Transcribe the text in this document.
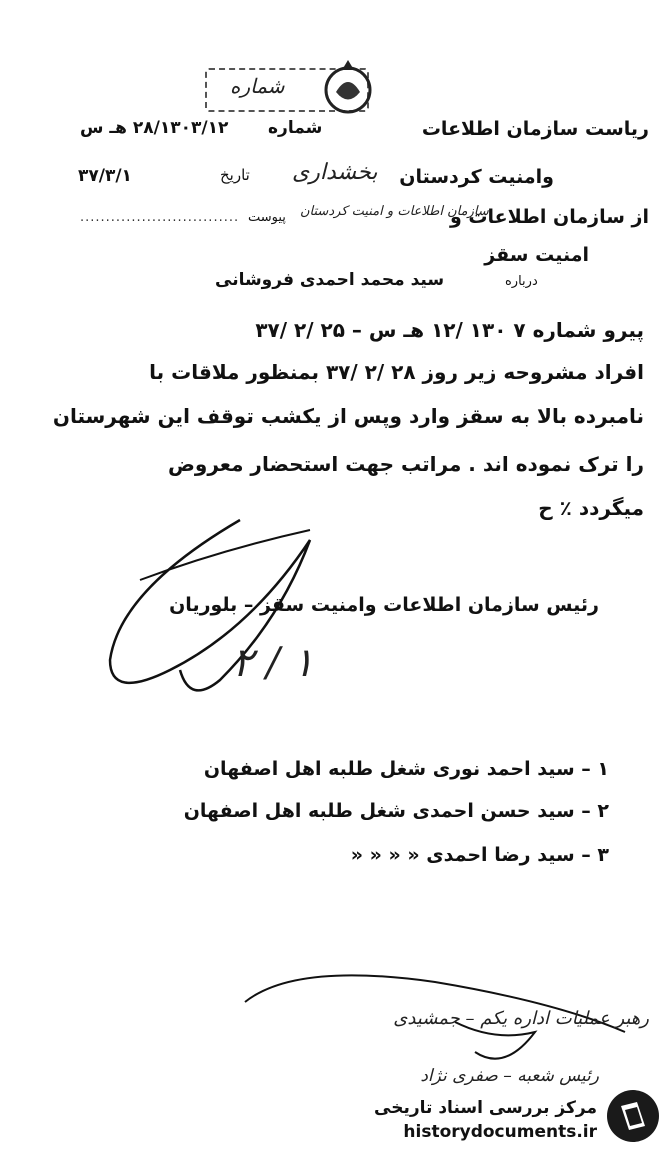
شماره
ریاست سازمان اطلاعات
شماره
۲۸/۱۳۰۳/۱۲ هـ س
وامنیت کردستان
بخشداری
تاریخ
۳۷/۳/۱
از سازمان اطلاعات و
سازمان اطلاعات و امنیت کردستان
پیوست
...............................
امنیت سقز
درباره
سید محمد احمدی فروشانی
پیرو شماره ۷ ۱۳۰ /۱۲ هـ س – ۲۵ /۲ /۳۷
افراد مشروحه زیر روز ۲۸ /۲ /۳۷ بمنظور ملاقات با
نامبرده بالا به سقز وارد وپس از یکشب توقف این شهرستان
را ترک نموده اند . مراتب جهت استحضار معروض
میگردد ٪ ح
رئیس سازمان اطلاعات وامنیت سقز – بلوریان
۲ / ۱
۱ – سید احمد نوری شغل طلبه اهل اصفهان
۲ – سید حسن احمدی شغل طلبه اهل اصفهان
۳ – سید رضا احمدی « « « «
رهبر عملیات اداره یکم – جمشیدی
رئیس شعبه – صفری نژاد
مرکز بررسی اسناد تاریخی
historydocuments.ir
